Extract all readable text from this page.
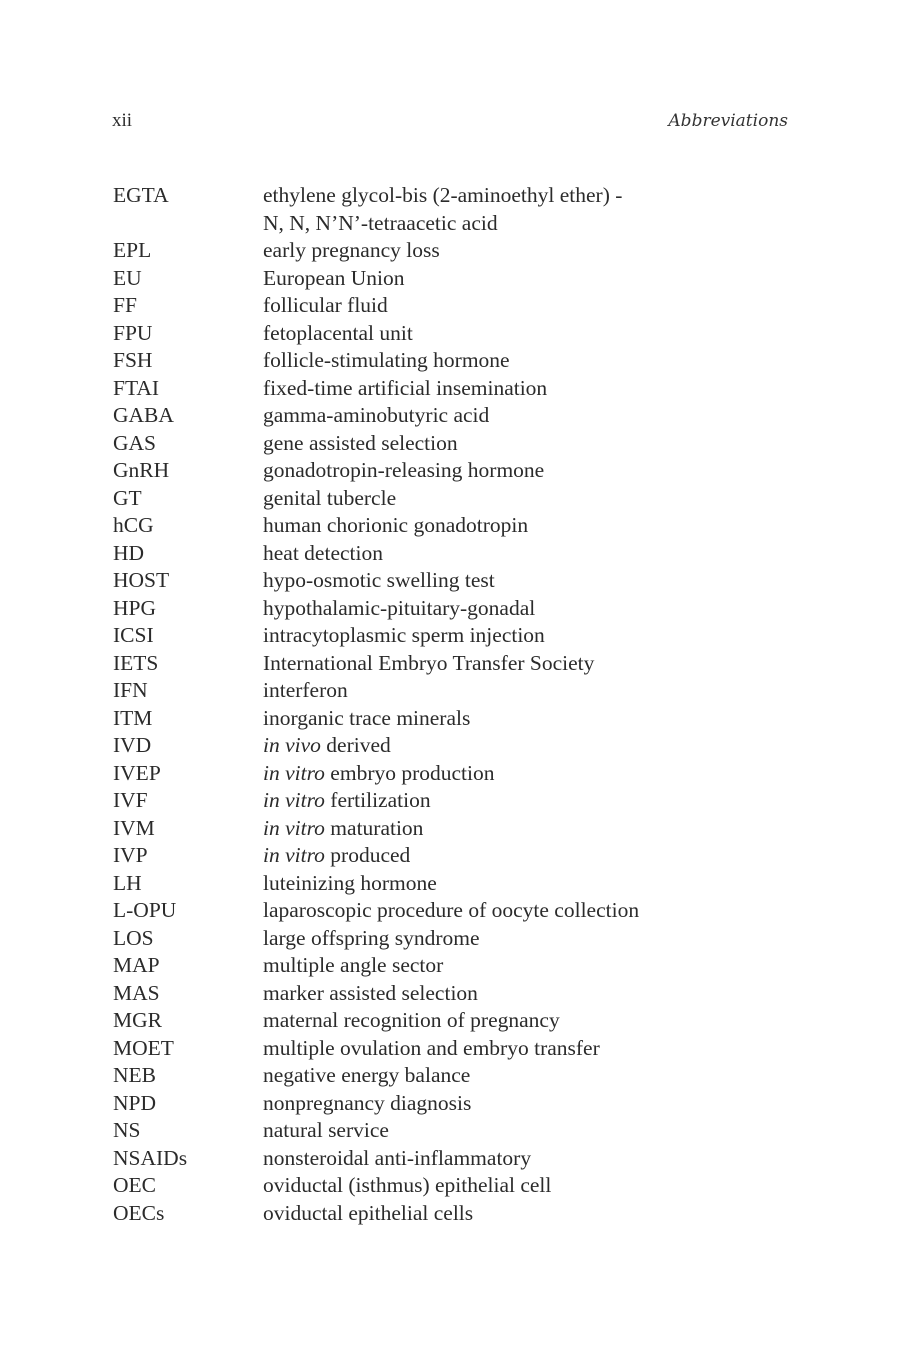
xii	Abbreviations
EGTA	ethylene glycol-bis (2-aminoethyl ether) -
N, N, N’N’-tetraacetic acid
EPL	early pregnancy loss
EU	European Union
FF	follicular fluid
FPU	fetoplacental unit
FSH	follicle-stimulating hormone
FTAI	fixed-time artificial insemination
GABA	gamma-aminobutyric acid
GAS	gene assisted selection
GnRH	gonadotropin-releasing hormone
GT	genital tubercle
hCG	human chorionic gonadotropin
HD	heat detection
HOST	hypo-osmotic swelling test
HPG	hypothalamic-pituitary-gonadal
ICSI	intracytoplasmic sperm injection
IETS	International Embryo Transfer Society
IFN	interferon
ITM	inorganic trace minerals
IVD	in vivo derived
IVEP	in vitro embryo production
IVF	in vitro fertilization
IVM	in vitro maturation
IVP	in vitro produced
LH	luteinizing hormone
L-OPU	laparoscopic procedure of oocyte collection
LOS	large offspring syndrome
MAP	multiple angle sector
MAS	marker assisted selection
MGR	maternal recognition of pregnancy
MOET	multiple ovulation and embryo transfer
NEB	negative energy balance
NPD	nonpregnancy diagnosis
NS	natural service
NSAIDs	nonsteroidal anti-inflammatory
OEC	oviductal (isthmus) epithelial cell
OECs	oviductal epithelial cells
